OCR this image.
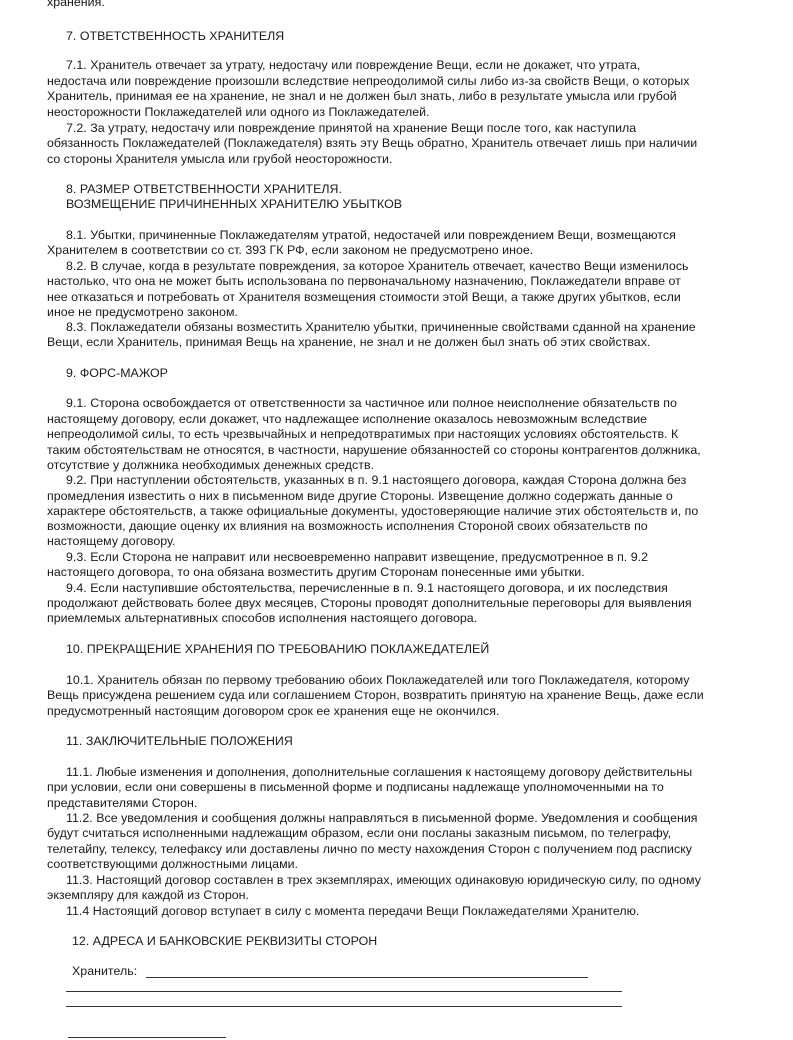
хранения.
7. ОТВЕТСТВЕННОСТЬ ХРАНИТЕЛЯ
7.1. Хранитель отвечает за утрату, недостачу или повреждение Вещи, если не докажет, что утрата,
недостача или повреждение произошли вследствие непреодолимой силы либо из-за свойств Вещи, о которых
Хранитель, принимая ее на хранение, не знал и не должен был знать, либо в результате умысла или грубой
неосторожности Поклажедателей или одного из Поклажедателей.
7.2. За утрату, недостачу или повреждение принятой на хранение Вещи после того, как наступила
обязанность Поклажедателей (Поклажедателя) взять эту Вещь обратно, Хранитель отвечает лишь при наличии
со стороны Хранителя умысла или грубой неосторожности.
8. РАЗМЕР ОТВЕТСТВЕННОСТИ ХРАНИТЕЛЯ.
ВОЗМЕЩЕНИЕ ПРИЧИНЕННЫХ ХРАНИТЕЛЮ УБЫТКОВ
8.1. Убытки, причиненные Поклажедателям утратой, недостачей или повреждением Вещи, возмещаются
Хранителем в соответствии со ст. 393 ГК РФ, если законом не предусмотрено иное.
8.2. В случае, когда в результате повреждения, за которое Хранитель отвечает, качество Вещи изменилось
настолько, что она не может быть использована по первоначальному назначению, Поклажедатели вправе от
нее отказаться и потребовать от Хранителя возмещения стоимости этой Вещи, а также других убытков, если
иное не предусмотрено законом.
8.3. Поклажедатели обязаны возместить Хранителю убытки, причиненные свойствами сданной на хранение
Вещи, если Хранитель, принимая Вещь на хранение, не знал и не должен был знать об этих свойствах.
9. ФОРС-МАЖОР
9.1. Сторона освобождается от ответственности за частичное или полное неисполнение обязательств по
настоящему договору, если докажет, что надлежащее исполнение оказалось невозможным вследствие
непреодолимой силы, то есть чрезвычайных и непредотвратимых при настоящих условиях обстоятельств. К
таким обстоятельствам не относятся, в частности, нарушение обязанностей со стороны контрагентов должника,
отсутствие у должника необходимых денежных средств.
9.2. При наступлении обстоятельств, указанных в п. 9.1 настоящего договора, каждая Сторона должна без
промедления известить о них в письменном виде другие Стороны. Извещение должно содержать данные о
характере обстоятельств, а также официальные документы, удостоверяющие наличие этих обстоятельств и, по
возможности, дающие оценку их влияния на возможность исполнения Стороной своих обязательств по
настоящему договору.
9.3. Если Сторона не направит или несвоевременно направит извещение, предусмотренное в п. 9.2
настоящего договора, то она обязана возместить другим Сторонам понесенные ими убытки.
9.4. Если наступившие обстоятельства, перечисленные в п. 9.1 настоящего договора, и их последствия
продолжают действовать более двух месяцев, Стороны проводят дополнительные переговоры для выявления
приемлемых альтернативных способов исполнения настоящего договора.
10. ПРЕКРАЩЕНИЕ ХРАНЕНИЯ ПО ТРЕБОВАНИЮ ПОКЛАЖЕДАТЕЛЕЙ
10.1. Хранитель обязан по первому требованию обоих Поклажедателей или того Поклажедателя, которому
Вещь присуждена решением суда или соглашением Сторон, возвратить принятую на хранение Вещь, даже если
предусмотренный настоящим договором срок ее хранения еще не окончился.
11. ЗАКЛЮЧИТЕЛЬНЫЕ ПОЛОЖЕНИЯ
11.1. Любые изменения и дополнения, дополнительные соглашения к настоящему договору действительны
при условии, если они совершены в письменной форме и подписаны надлежаще уполномоченными на то
представителями Сторон.
11.2. Все уведомления и сообщения должны направляться в письменной форме. Уведомления и сообщения
будут считаться исполненными надлежащим образом, если они посланы заказным письмом, по телеграфу,
телетайпу, телексу, телефаксу или доставлены лично по месту нахождения Сторон с получением под расписку
соответствующими должностными лицами.
11.3. Настоящий договор составлен в трех экземплярах, имеющих одинаковую юридическую силу, по одному
экземпляру для каждой из Сторон.
11.4 Настоящий договор вступает в силу с момента передачи Вещи Поклажедателями Хранителю.
12. АДРЕСА И БАНКОВСКИЕ РЕКВИЗИТЫ СТОРОН
Хранитель:
